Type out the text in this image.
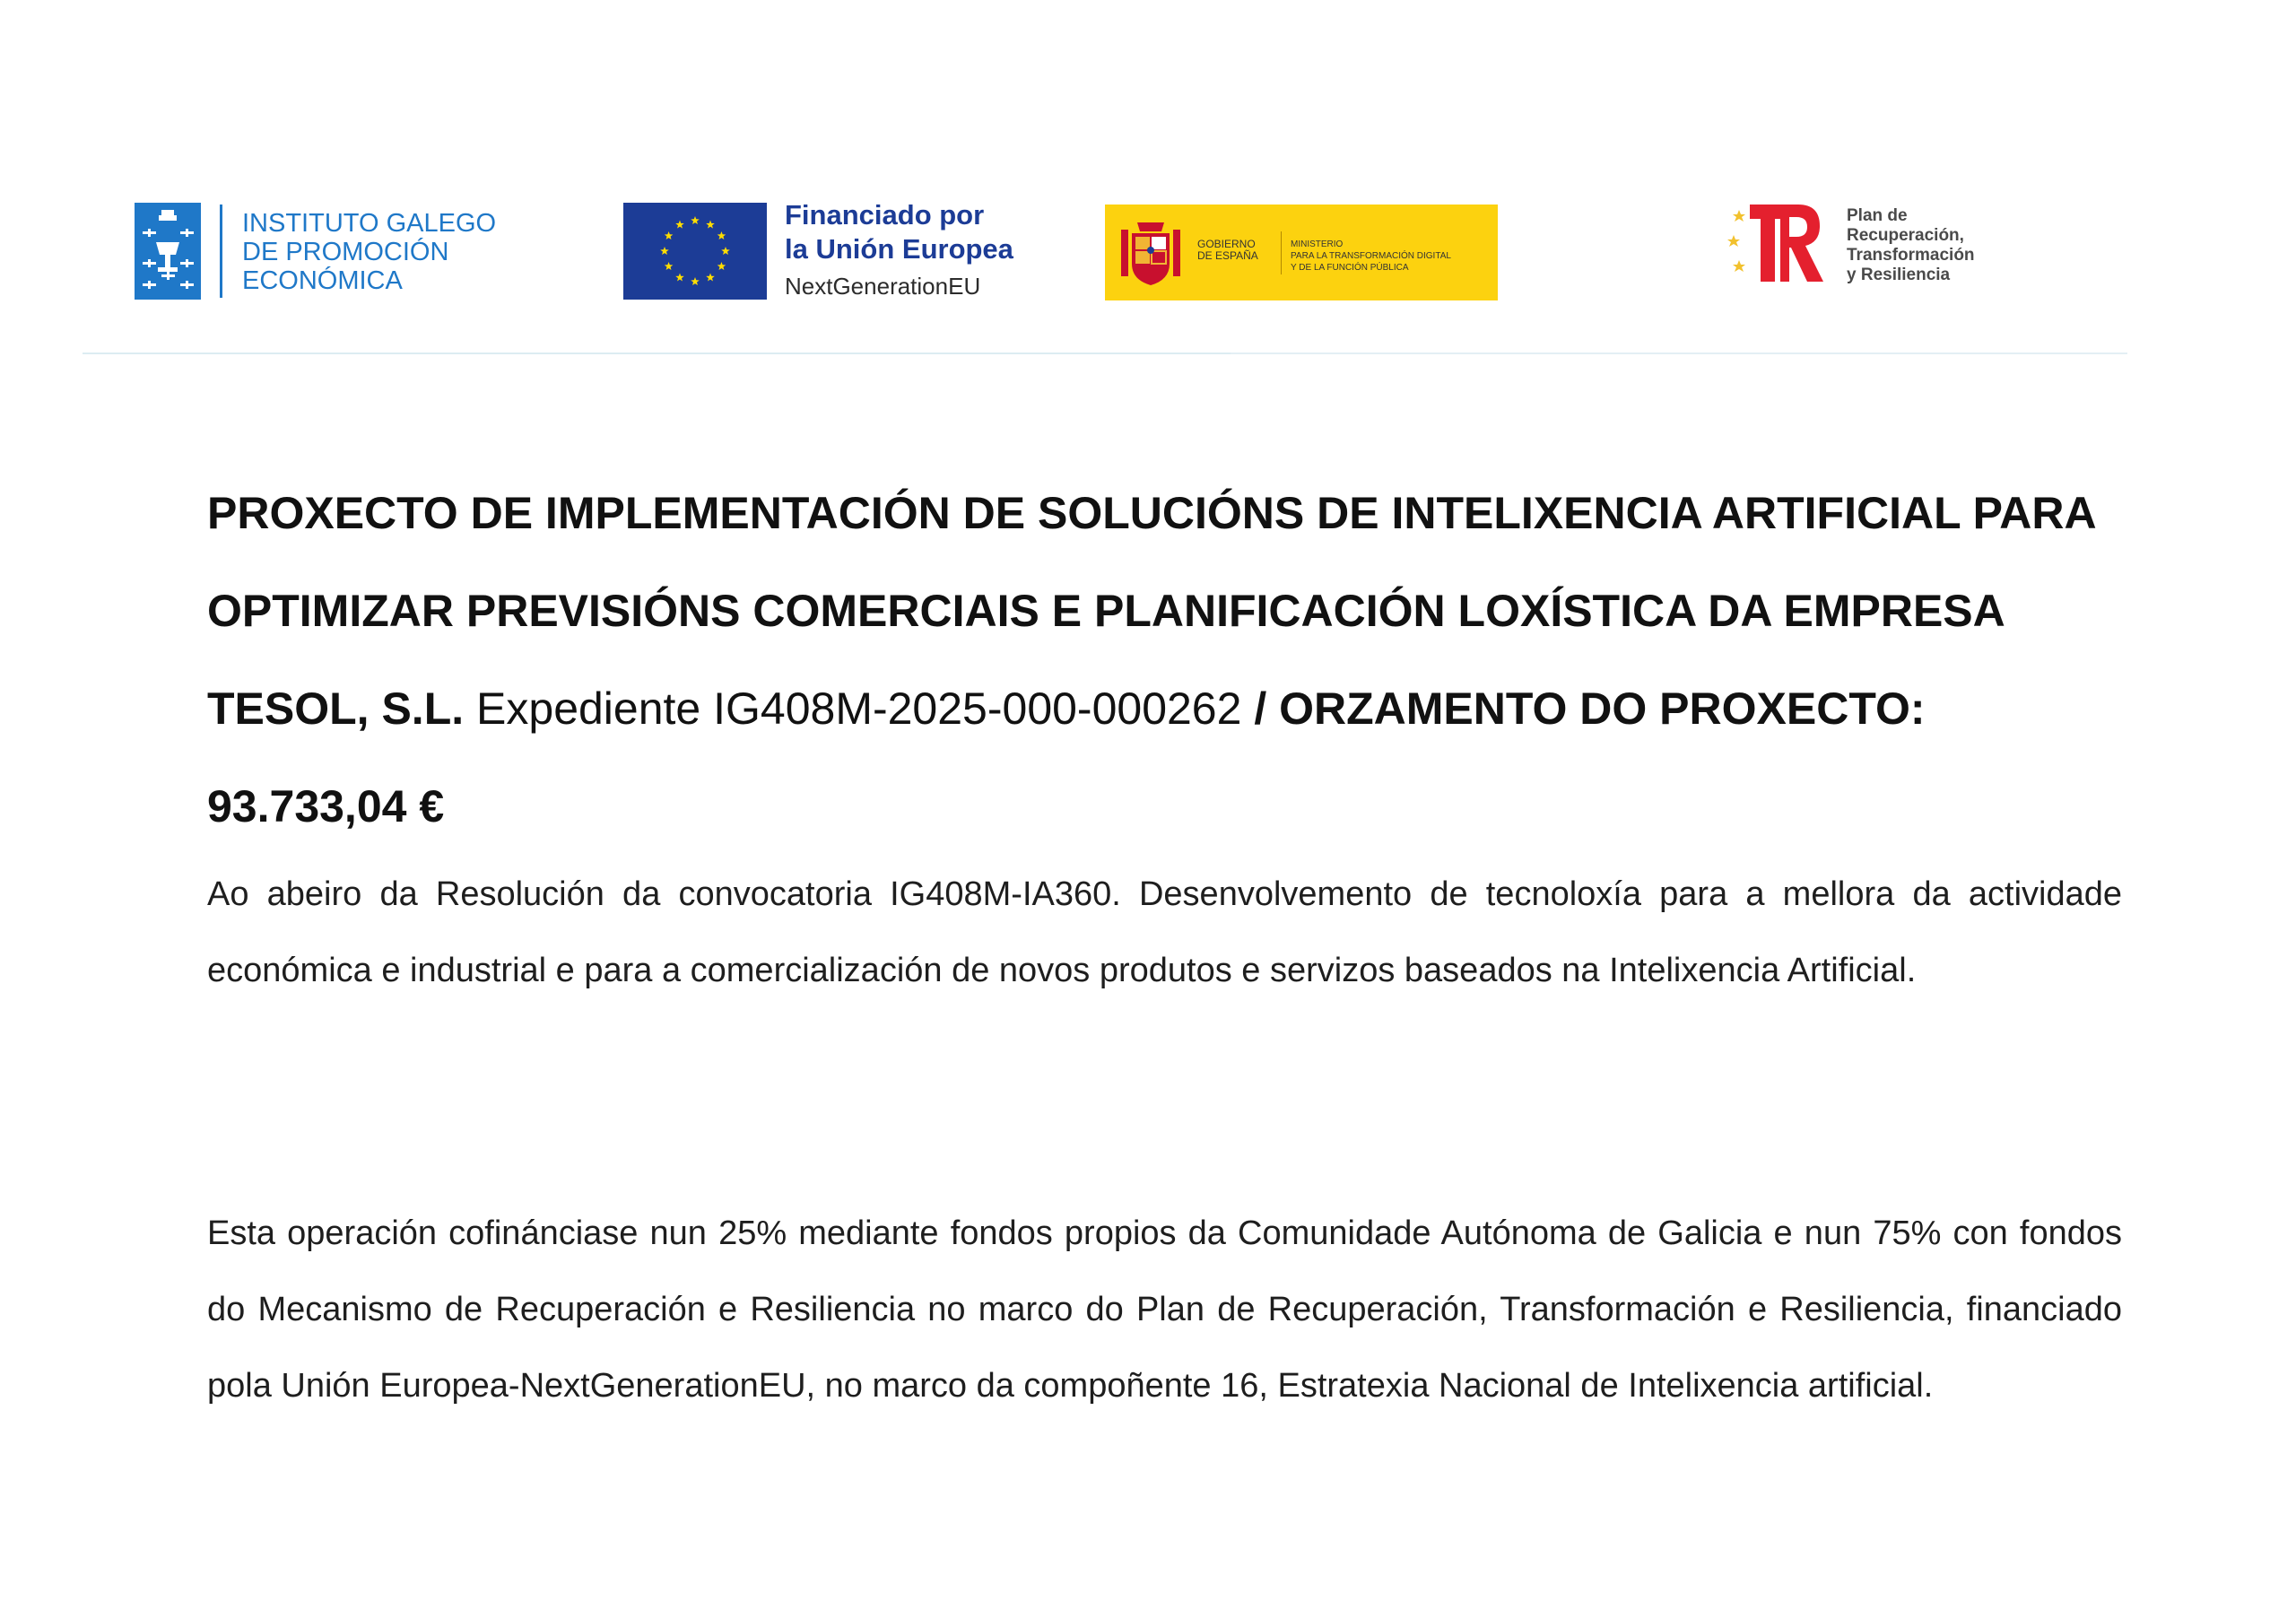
INSTITUTO GALEGO
DE PROMOCIÓN
ECONÓMICA
Financiado por
la Unión Europea
NextGenerationEU
GOBIERNO
DE ESPAÑA
MINISTERIO
PARA LA TRANSFORMACIÓN DIGITAL
Y DE LA FUNCIÓN PÚBLICA
Plan de
Recuperación,
Transformación
y Resiliencia
PROXECTO DE IMPLEMENTACIÓN DE SOLUCIÓNS DE INTELIXENCIA ARTIFICIAL PARA OPTIMIZAR PREVISIÓNS COMERCIAIS E PLANIFICACIÓN LOXÍSTICA DA EMPRESA TESOL, S.L. Expediente IG408M-2025-000-000262 / ORZAMENTO DO PROXECTO: 93.733,04 €
Ao abeiro da Resolución da convocatoria IG408M-IA360. Desenvolvemento de tecnoloxía para a mellora da actividade económica e industrial e para a comercialización de novos produtos e servizos baseados na Intelixencia Artificial.
Esta operación cofinánciase nun 25% mediante fondos propios da Comunidade Autónoma de Galicia e nun 75% con fondos do Mecanismo de Recuperación e Resiliencia no marco do Plan de Recuperación, Transformación e Resiliencia, financiado pola Unión Europea-NextGenerationEU, no marco da compoñente 16, Estratexia Nacional de Intelixencia artificial.
